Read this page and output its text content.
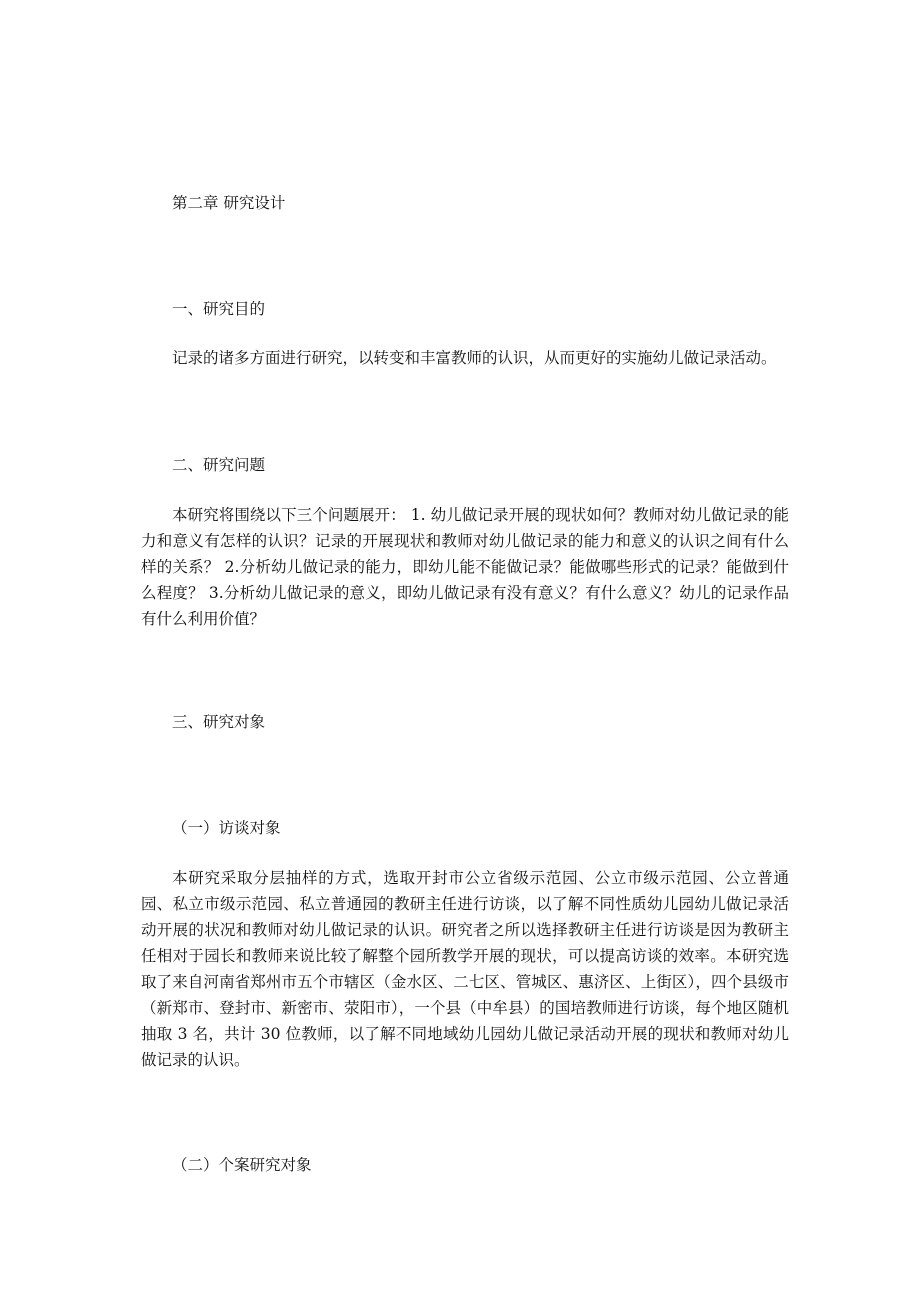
第二章 研究设计
一、研究目的
记录的诸多方面进行研究，以转变和丰富教师的认识，从而更好的实施幼儿做记录活动。
二、研究问题
本研究将围绕以下三个问题展开： 1. 幼儿做记录开展的现状如何？教师对幼儿做记录的能力和意义有怎样的认识？记录的开展现状和教师对幼儿做记录的能力和意义的认识之间有什么样的关系？ 2.分析幼儿做记录的能力，即幼儿能不能做记录？能做哪些形式的记录？能做到什么程度？ 3.分析幼儿做记录的意义，即幼儿做记录有没有意义？有什么意义？幼儿的记录作品有什么利用价值？
三、研究对象
（一）访谈对象
本研究采取分层抽样的方式，选取开封市公立省级示范园、公立市级示范园、公立普通园、私立市级示范园、私立普通园的教研主任进行访谈，以了解不同性质幼儿园幼儿做记录活动开展的状况和教师对幼儿做记录的认识。研究者之所以选择教研主任进行访谈是因为教研主任相对于园长和教师来说比较了解整个园所教学开展的现状，可以提高访谈的效率。本研究选取了来自河南省郑州市五个市辖区（金水区、二七区、管城区、惠济区、上街区），四个县级市（新郑市、登封市、新密市、荥阳市），一个县（中牟县）的国培教师进行访谈，每个地区随机抽取 3 名，共计 30 位教师，以了解不同地域幼儿园幼儿做记录活动开展的现状和教师对幼儿做记录的认识。
（二）个案研究对象
